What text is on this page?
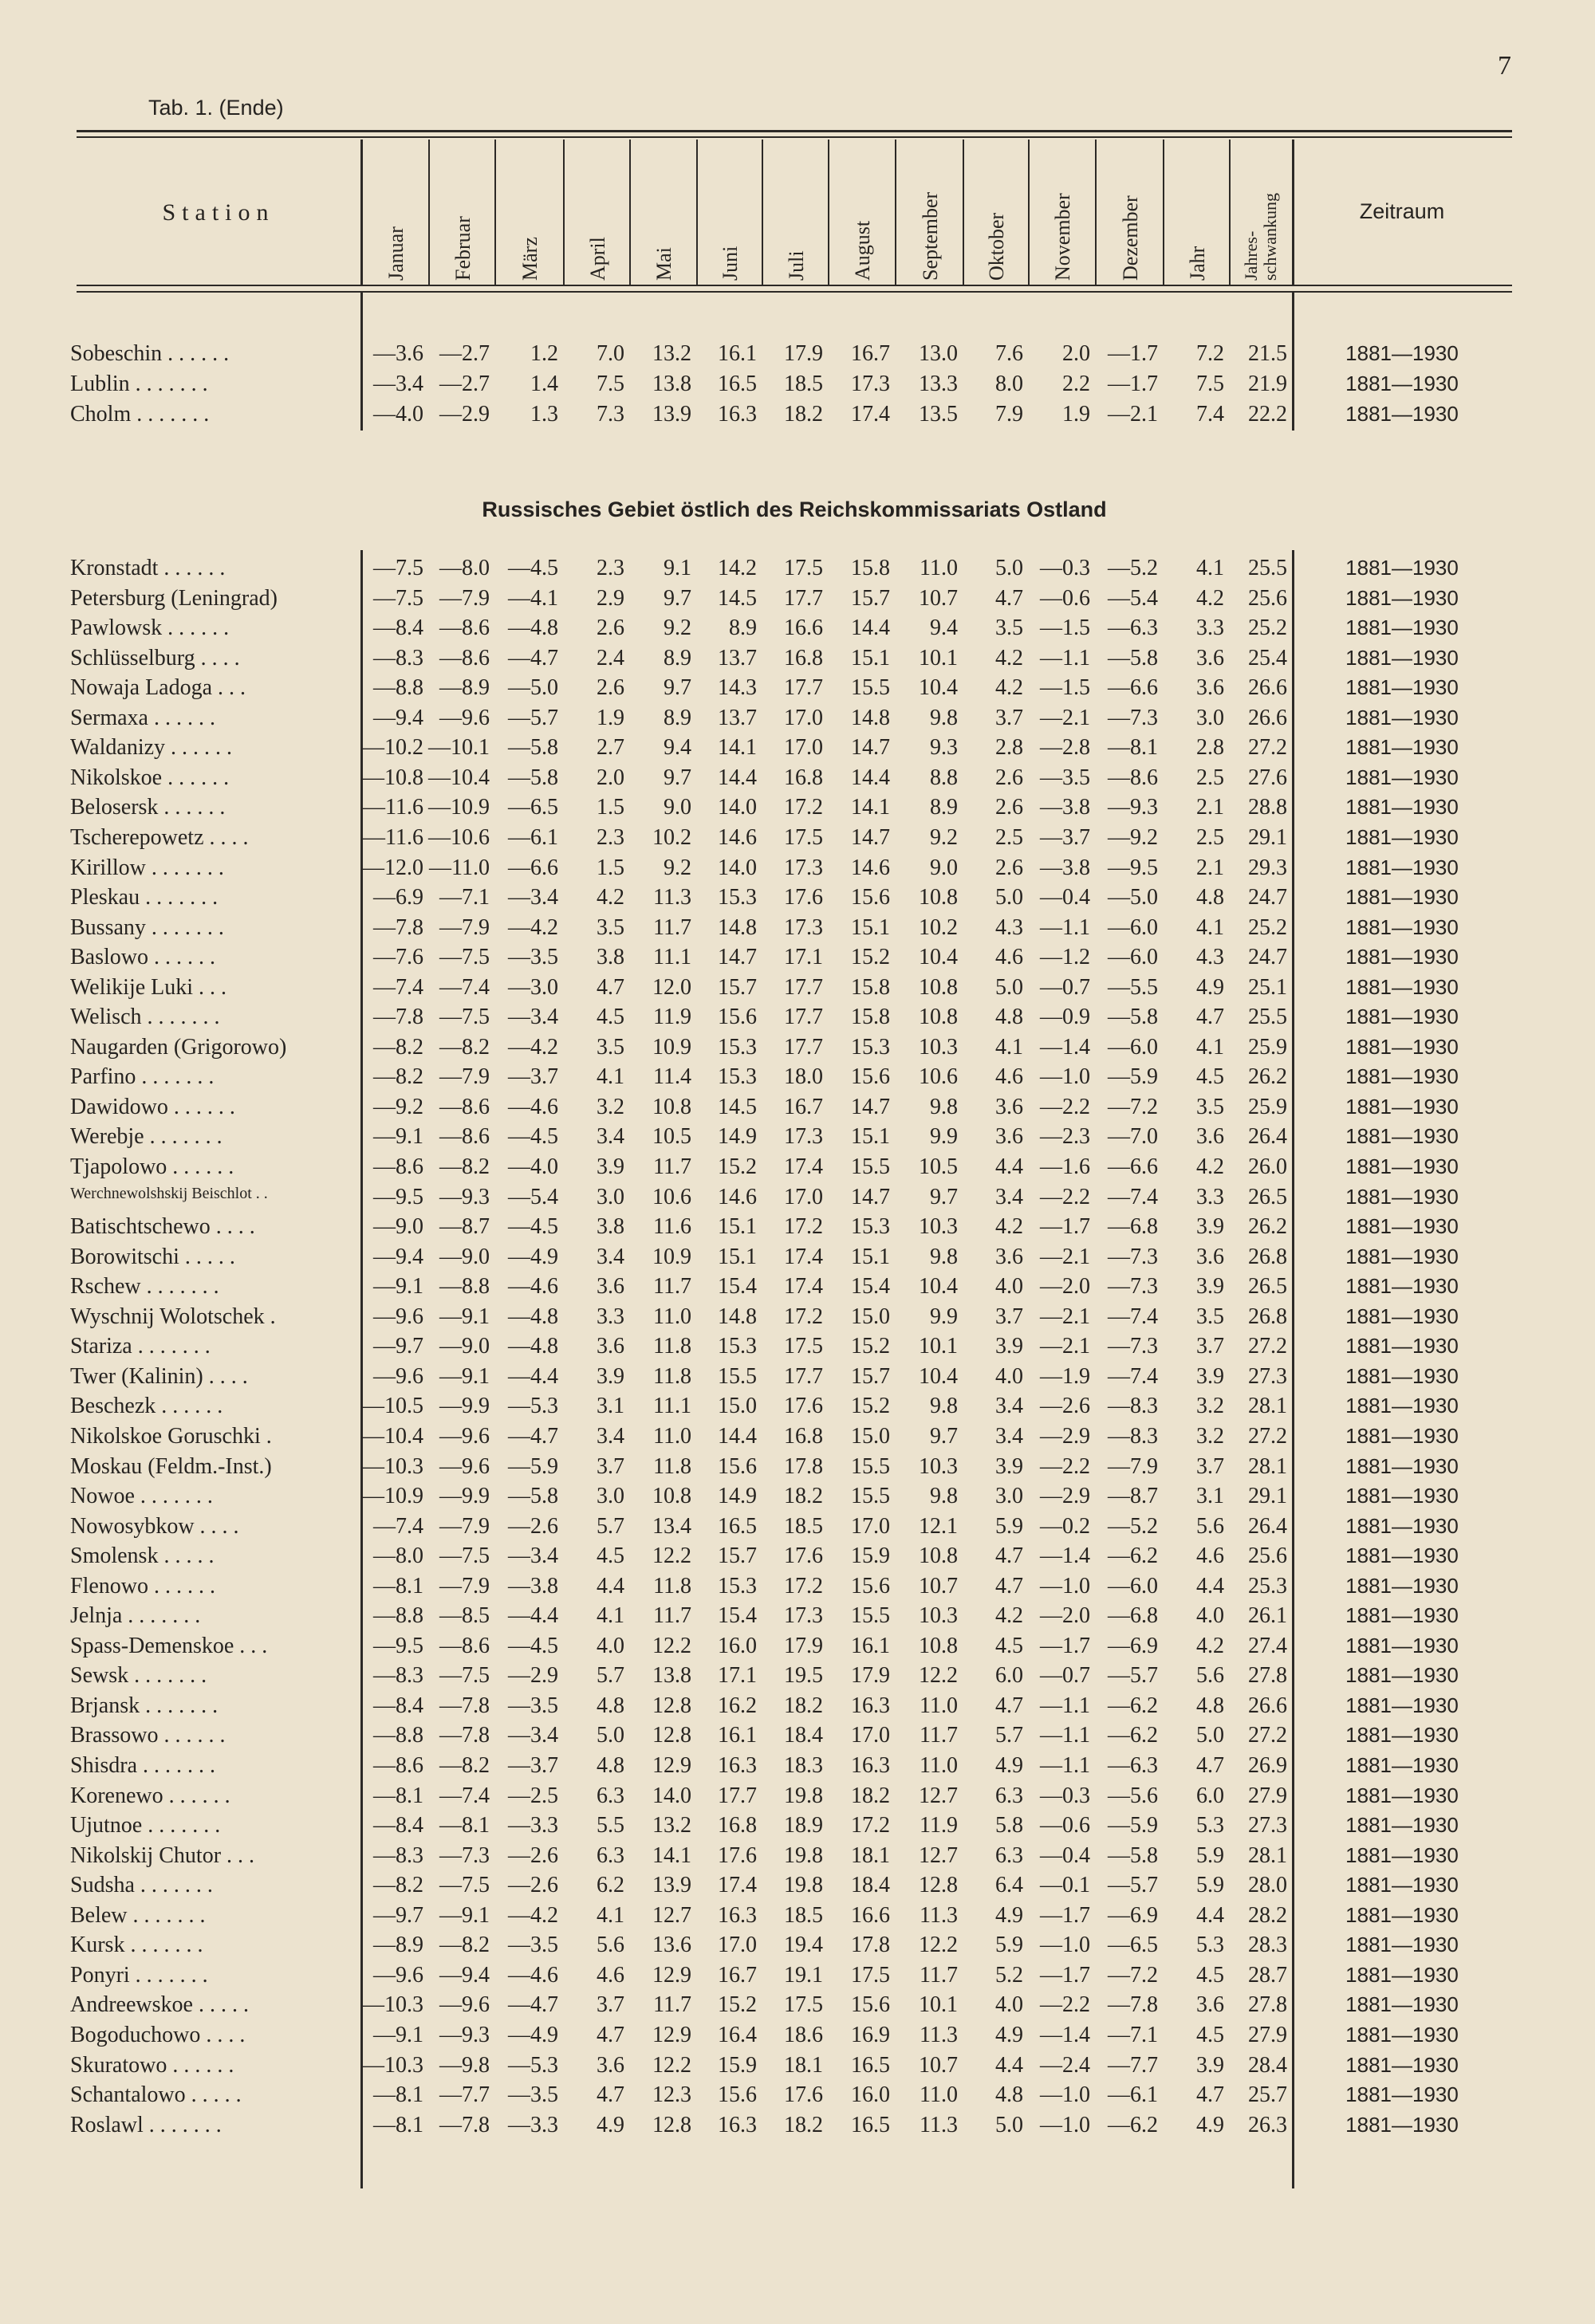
7
Tab. 1. (Ende)
Station
Januar Februar März April Mai Juni Juli August September Oktober November Dezember Jahr Jahres-schwankung	Zeitraum
Sobeschin . . . . . .	—3.6 —2.7	1.2	7.0	13.2	16.1	17.9	16.7	13.0	7.6	2.0 —1.7	7.2	21.5	1881—1930
Lublin . . . . . . .	—3.4 —2.7	1.4	7.5	13.8	16.5	18.5	17.3	13.3	8.0	2.2 —1.7	7.5	21.9	1881—1930
Cholm . . . . . . .	—4.0 —2.9	1.3	7.3	13.9	16.3	18.2	17.4	13.5	7.9	1.9 —2.1	7.4	22.2	1881—1930
Russisches Gebiet östlich des Reichskommissariats Ostland
Kronstadt . . . . . .	—7.5 —8.0 —4.5	2.3	9.1	14.2	17.5	15.8	11.0	5.0 —0.3 —5.2	4.1	25.5	1881—1930
Petersburg (Leningrad)	—7.5 —7.9 —4.1	2.9	9.7	14.5	17.7	15.7	10.7	4.7 —0.6 —5.4	4.2	25.6	1881—1930
Pawlowsk . . . . . .	—8.4 —8.6 —4.8	2.6	9.2	8.9	16.6	14.4	9.4	3.5 —1.5 —6.3	3.3	25.2	1881—1930
Schlüsselburg . . . .	—8.3 —8.6 —4.7	2.4	8.9	13.7	16.8	15.1	10.1	4.2 —1.1 —5.8	3.6	25.4	1881—1930
Nowaja Ladoga . . .	—8.8 —8.9 —5.0	2.6	9.7	14.3	17.7	15.5	10.4	4.2 —1.5 —6.6	3.6	26.6	1881—1930
Sermaxa . . . . . .	—9.4 —9.6 —5.7	1.9	8.9	13.7	17.0	14.8	9.8	3.7 —2.1 —7.3	3.0	26.6	1881—1930
Waldanizy . . . . . .	—10.2 —10.1 —5.8	2.7	9.4	14.1	17.0	14.7	9.3	2.8 —2.8 —8.1	2.8	27.2	1881—1930
Nikolskoe . . . . . .	—10.8 —10.4 —5.8	2.0	9.7	14.4	16.8	14.4	8.8	2.6 —3.5 —8.6	2.5	27.6	1881—1930
Belosersk . . . . . .	—11.6 —10.9 —6.5	1.5	9.0	14.0	17.2	14.1	8.9	2.6 —3.8 —9.3	2.1	28.8	1881—1930
Tscherepowetz . . . .	—11.6 —10.6 —6.1	2.3	10.2	14.6	17.5	14.7	9.2	2.5 —3.7 —9.2	2.5	29.1	1881—1930
Kirillow . . . . . . .	—12.0 —11.0 —6.6	1.5	9.2	14.0	17.3	14.6	9.0	2.6 —3.8 —9.5	2.1	29.3	1881—1930
Pleskau . . . . . . .	—6.9 —7.1 —3.4	4.2	11.3	15.3	17.6	15.6	10.8	5.0 —0.4 —5.0	4.8	24.7	1881—1930
Bussany . . . . . . .	—7.8 —7.9 —4.2	3.5	11.7	14.8	17.3	15.1	10.2	4.3 —1.1 —6.0	4.1	25.2	1881—1930
Baslowo . . . . . .	—7.6 —7.5 —3.5	3.8	11.1	14.7	17.1	15.2	10.4	4.6 —1.2 —6.0	4.3	24.7	1881—1930
Welikije Luki . . .	—7.4 —7.4 —3.0	4.7	12.0	15.7	17.7	15.8	10.8	5.0 —0.7 —5.5	4.9	25.1	1881—1930
Welisch . . . . . . .	—7.8 —7.5 —3.4	4.5	11.9	15.6	17.7	15.8	10.8	4.8 —0.9 —5.8	4.7	25.5	1881—1930
Naugarden (Grigorowo)	—8.2 —8.2 —4.2	3.5	10.9	15.3	17.7	15.3	10.3	4.1 —1.4 —6.0	4.1	25.9	1881—1930
Parfino . . . . . . .	—8.2 —7.9 —3.7	4.1	11.4	15.3	18.0	15.6	10.6	4.6 —1.0 —5.9	4.5	26.2	1881—1930
Dawidowo . . . . . .	—9.2 —8.6 —4.6	3.2	10.8	14.5	16.7	14.7	9.8	3.6 —2.2 —7.2	3.5	25.9	1881—1930
Werebje . . . . . . .	—9.1 —8.6 —4.5	3.4	10.5	14.9	17.3	15.1	9.9	3.6 —2.3 —7.0	3.6	26.4	1881—1930
Tjapolowo . . . . . .	—8.6 —8.2 —4.0	3.9	11.7	15.2	17.4	15.5	10.5	4.4 —1.6 —6.6	4.2	26.0	1881—1930
Werchnewolshskij Beischlot . .	—9.5 —9.3 —5.4	3.0	10.6	14.6	17.0	14.7	9.7	3.4 —2.2 —7.4	3.3	26.5	1881—1930
Batischtschewo . . . .	—9.0 —8.7 —4.5	3.8	11.6	15.1	17.2	15.3	10.3	4.2 —1.7 —6.8	3.9	26.2	1881—1930
Borowitschi . . . . .	—9.4 —9.0 —4.9	3.4	10.9	15.1	17.4	15.1	9.8	3.6 —2.1 —7.3	3.6	26.8	1881—1930
Rschew . . . . . . .	—9.1 —8.8 —4.6	3.6	11.7	15.4	17.4	15.4	10.4	4.0 —2.0 —7.3	3.9	26.5	1881—1930
Wyschnij Wolotschek .	—9.6 —9.1 —4.8	3.3	11.0	14.8	17.2	15.0	9.9	3.7 —2.1 —7.4	3.5	26.8	1881—1930
Stariza . . . . . . .	—9.7 —9.0 —4.8	3.6	11.8	15.3	17.5	15.2	10.1	3.9 —2.1 —7.3	3.7	27.2	1881—1930
Twer (Kalinin) . . . .	—9.6 —9.1 —4.4	3.9	11.8	15.5	17.7	15.7	10.4	4.0 —1.9 —7.4	3.9	27.3	1881—1930
Beschezk . . . . . .	—10.5 —9.9 —5.3	3.1	11.1	15.0	17.6	15.2	9.8	3.4 —2.6 —8.3	3.2	28.1	1881—1930
Nikolskoe Goruschki .	—10.4 —9.6 —4.7	3.4	11.0	14.4	16.8	15.0	9.7	3.4 —2.9 —8.3	3.2	27.2	1881—1930
Moskau (Feldm.-Inst.)	—10.3 —9.6 —5.9	3.7	11.8	15.6	17.8	15.5	10.3	3.9 —2.2 —7.9	3.7	28.1	1881—1930
Nowoe . . . . . . .	—10.9 —9.9 —5.8	3.0	10.8	14.9	18.2	15.5	9.8	3.0 —2.9 —8.7	3.1	29.1	1881—1930
Nowosybkow . . . .	—7.4 —7.9 —2.6	5.7	13.4	16.5	18.5	17.0	12.1	5.9 —0.2 —5.2	5.6	26.4	1881—1930
Smolensk . . . . .	—8.0 —7.5 —3.4	4.5	12.2	15.7	17.6	15.9	10.8	4.7 —1.4 —6.2	4.6	25.6	1881—1930
Flenowo . . . . . .	—8.1 —7.9 —3.8	4.4	11.8	15.3	17.2	15.6	10.7	4.7 —1.0 —6.0	4.4	25.3	1881—1930
Jelnja . . . . . . .	—8.8 —8.5 —4.4	4.1	11.7	15.4	17.3	15.5	10.3	4.2 —2.0 —6.8	4.0	26.1	1881—1930
Spass-Demenskoe . . .	—9.5 —8.6 —4.5	4.0	12.2	16.0	17.9	16.1	10.8	4.5 —1.7 —6.9	4.2	27.4	1881—1930
Sewsk . . . . . . .	—8.3 —7.5 —2.9	5.7	13.8	17.1	19.5	17.9	12.2	6.0 —0.7 —5.7	5.6	27.8	1881—1930
Brjansk . . . . . . .	—8.4 —7.8 —3.5	4.8	12.8	16.2	18.2	16.3	11.0	4.7 —1.1 —6.2	4.8	26.6	1881—1930
Brassowo . . . . . .	—8.8 —7.8 —3.4	5.0	12.8	16.1	18.4	17.0	11.7	5.7 —1.1 —6.2	5.0	27.2	1881—1930
Shisdra . . . . . . .	—8.6 —8.2 —3.7	4.8	12.9	16.3	18.3	16.3	11.0	4.9 —1.1 —6.3	4.7	26.9	1881—1930
Korenewo . . . . . .	—8.1 —7.4 —2.5	6.3	14.0	17.7	19.8	18.2	12.7	6.3 —0.3 —5.6	6.0	27.9	1881—1930
Ujutnoe . . . . . . .	—8.4 —8.1 —3.3	5.5	13.2	16.8	18.9	17.2	11.9	5.8 —0.6 —5.9	5.3	27.3	1881—1930
Nikolskij Chutor . . .	—8.3 —7.3 —2.6	6.3	14.1	17.6	19.8	18.1	12.7	6.3 —0.4 —5.8	5.9	28.1	1881—1930
Sudsha . . . . . . .	—8.2 —7.5 —2.6	6.2	13.9	17.4	19.8	18.4	12.8	6.4 —0.1 —5.7	5.9	28.0	1881—1930
Belew . . . . . . .	—9.7 —9.1 —4.2	4.1	12.7	16.3	18.5	16.6	11.3	4.9 —1.7 —6.9	4.4	28.2	1881—1930
Kursk . . . . . . .	—8.9 —8.2 —3.5	5.6	13.6	17.0	19.4	17.8	12.2	5.9 —1.0 —6.5	5.3	28.3	1881—1930
Ponyri . . . . . . .	—9.6 —9.4 —4.6	4.6	12.9	16.7	19.1	17.5	11.7	5.2 —1.7 —7.2	4.5	28.7	1881—1930
Andreewskoe . . . . .	—10.3 —9.6 —4.7	3.7	11.7	15.2	17.5	15.6	10.1	4.0 —2.2 —7.8	3.6	27.8	1881—1930
Bogoduchowo . . . .	—9.1 —9.3 —4.9	4.7	12.9	16.4	18.6	16.9	11.3	4.9 —1.4 —7.1	4.5	27.9	1881—1930
Skuratowo . . . . . .	—10.3 —9.8 —5.3	3.6	12.2	15.9	18.1	16.5	10.7	4.4 —2.4 —7.7	3.9	28.4	1881—1930
Schantalowo . . . . .	—8.1 —7.7 —3.5	4.7	12.3	15.6	17.6	16.0	11.0	4.8 —1.0 —6.1	4.7	25.7	1881—1930
Roslawl . . . . . . .	—8.1 —7.8 —3.3	4.9	12.8	16.3	18.2	16.5	11.3	5.0 —1.0 —6.2	4.9	26.3	1881—1930
